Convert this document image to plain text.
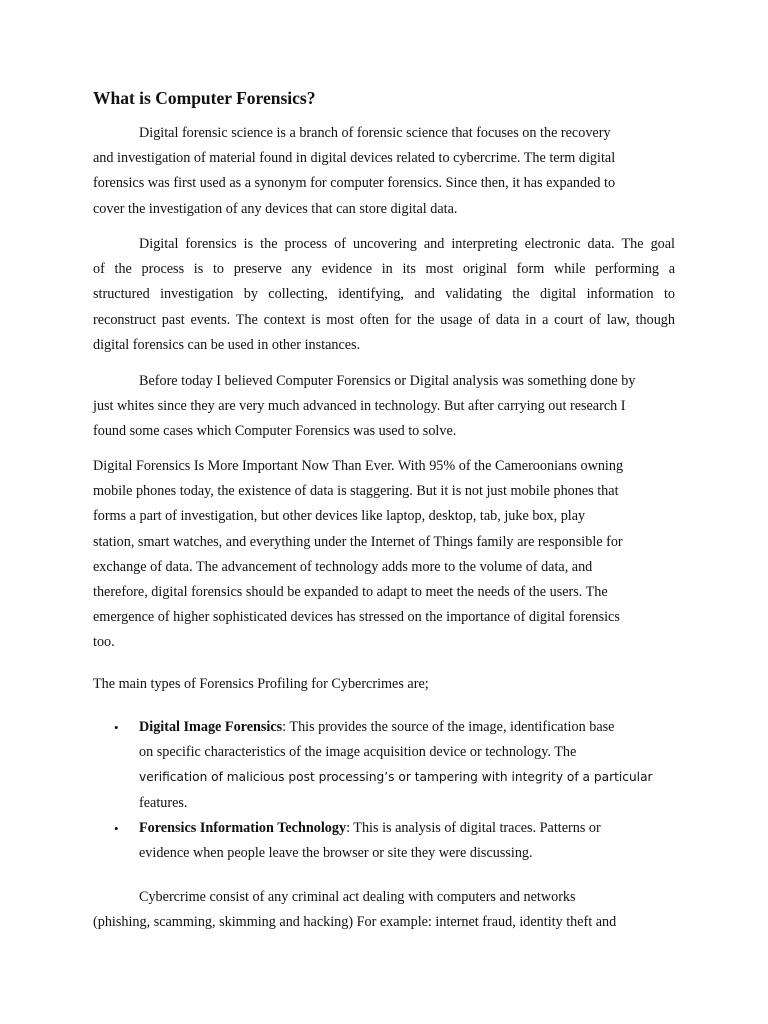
What is Computer Forensics?
Digital forensic science is a branch of forensic science that focuses on the recovery
and investigation of material found in digital devices related to cybercrime. The term digital
forensics was first used as a synonym for computer forensics. Since then, it has expanded to
cover the investigation of any devices that can store digital data.
Digital forensics is the process of uncovering and interpreting electronic data. The goal
of the process is to preserve any evidence in its most original form while performing a
structured investigation by collecting, identifying, and validating the digital information to
reconstruct past events. The context is most often for the usage of data in a court of law, though
digital forensics can be used in other instances.
Before today I believed Computer Forensics or Digital analysis was something done by
just whites since they are very much advanced in technology. But after carrying out research I
found some cases which Computer Forensics was used to solve.
Digital Forensics Is More Important Now Than Ever. With 95% of the Cameroonians owning
mobile phones today, the existence of data is staggering. But it is not just mobile phones that
forms a part of investigation, but other devices like laptop, desktop, tab, juke box, play
station, smart watches, and everything under the Internet of Things family are responsible for
exchange of data. The advancement of technology adds more to the volume of data, and
therefore, digital forensics should be expanded to adapt to meet the needs of the users. The
emergence of higher sophisticated devices has stressed on the importance of digital forensics
too.
The main types of Forensics Profiling for Cybercrimes are;
• Digital Image Forensics: This provides the source of the image, identification base
on specific characteristics of the image acquisition device or technology. The
verification of malicious post processing’s or tampering with integrity of a particular
features.
• Forensics Information Technology: This is analysis of digital traces. Patterns or
evidence when people leave the browser or site they were discussing.
Cybercrime consist of any criminal act dealing with computers and networks
(phishing, scamming, skimming and hacking) For example: internet fraud, identity theft and
